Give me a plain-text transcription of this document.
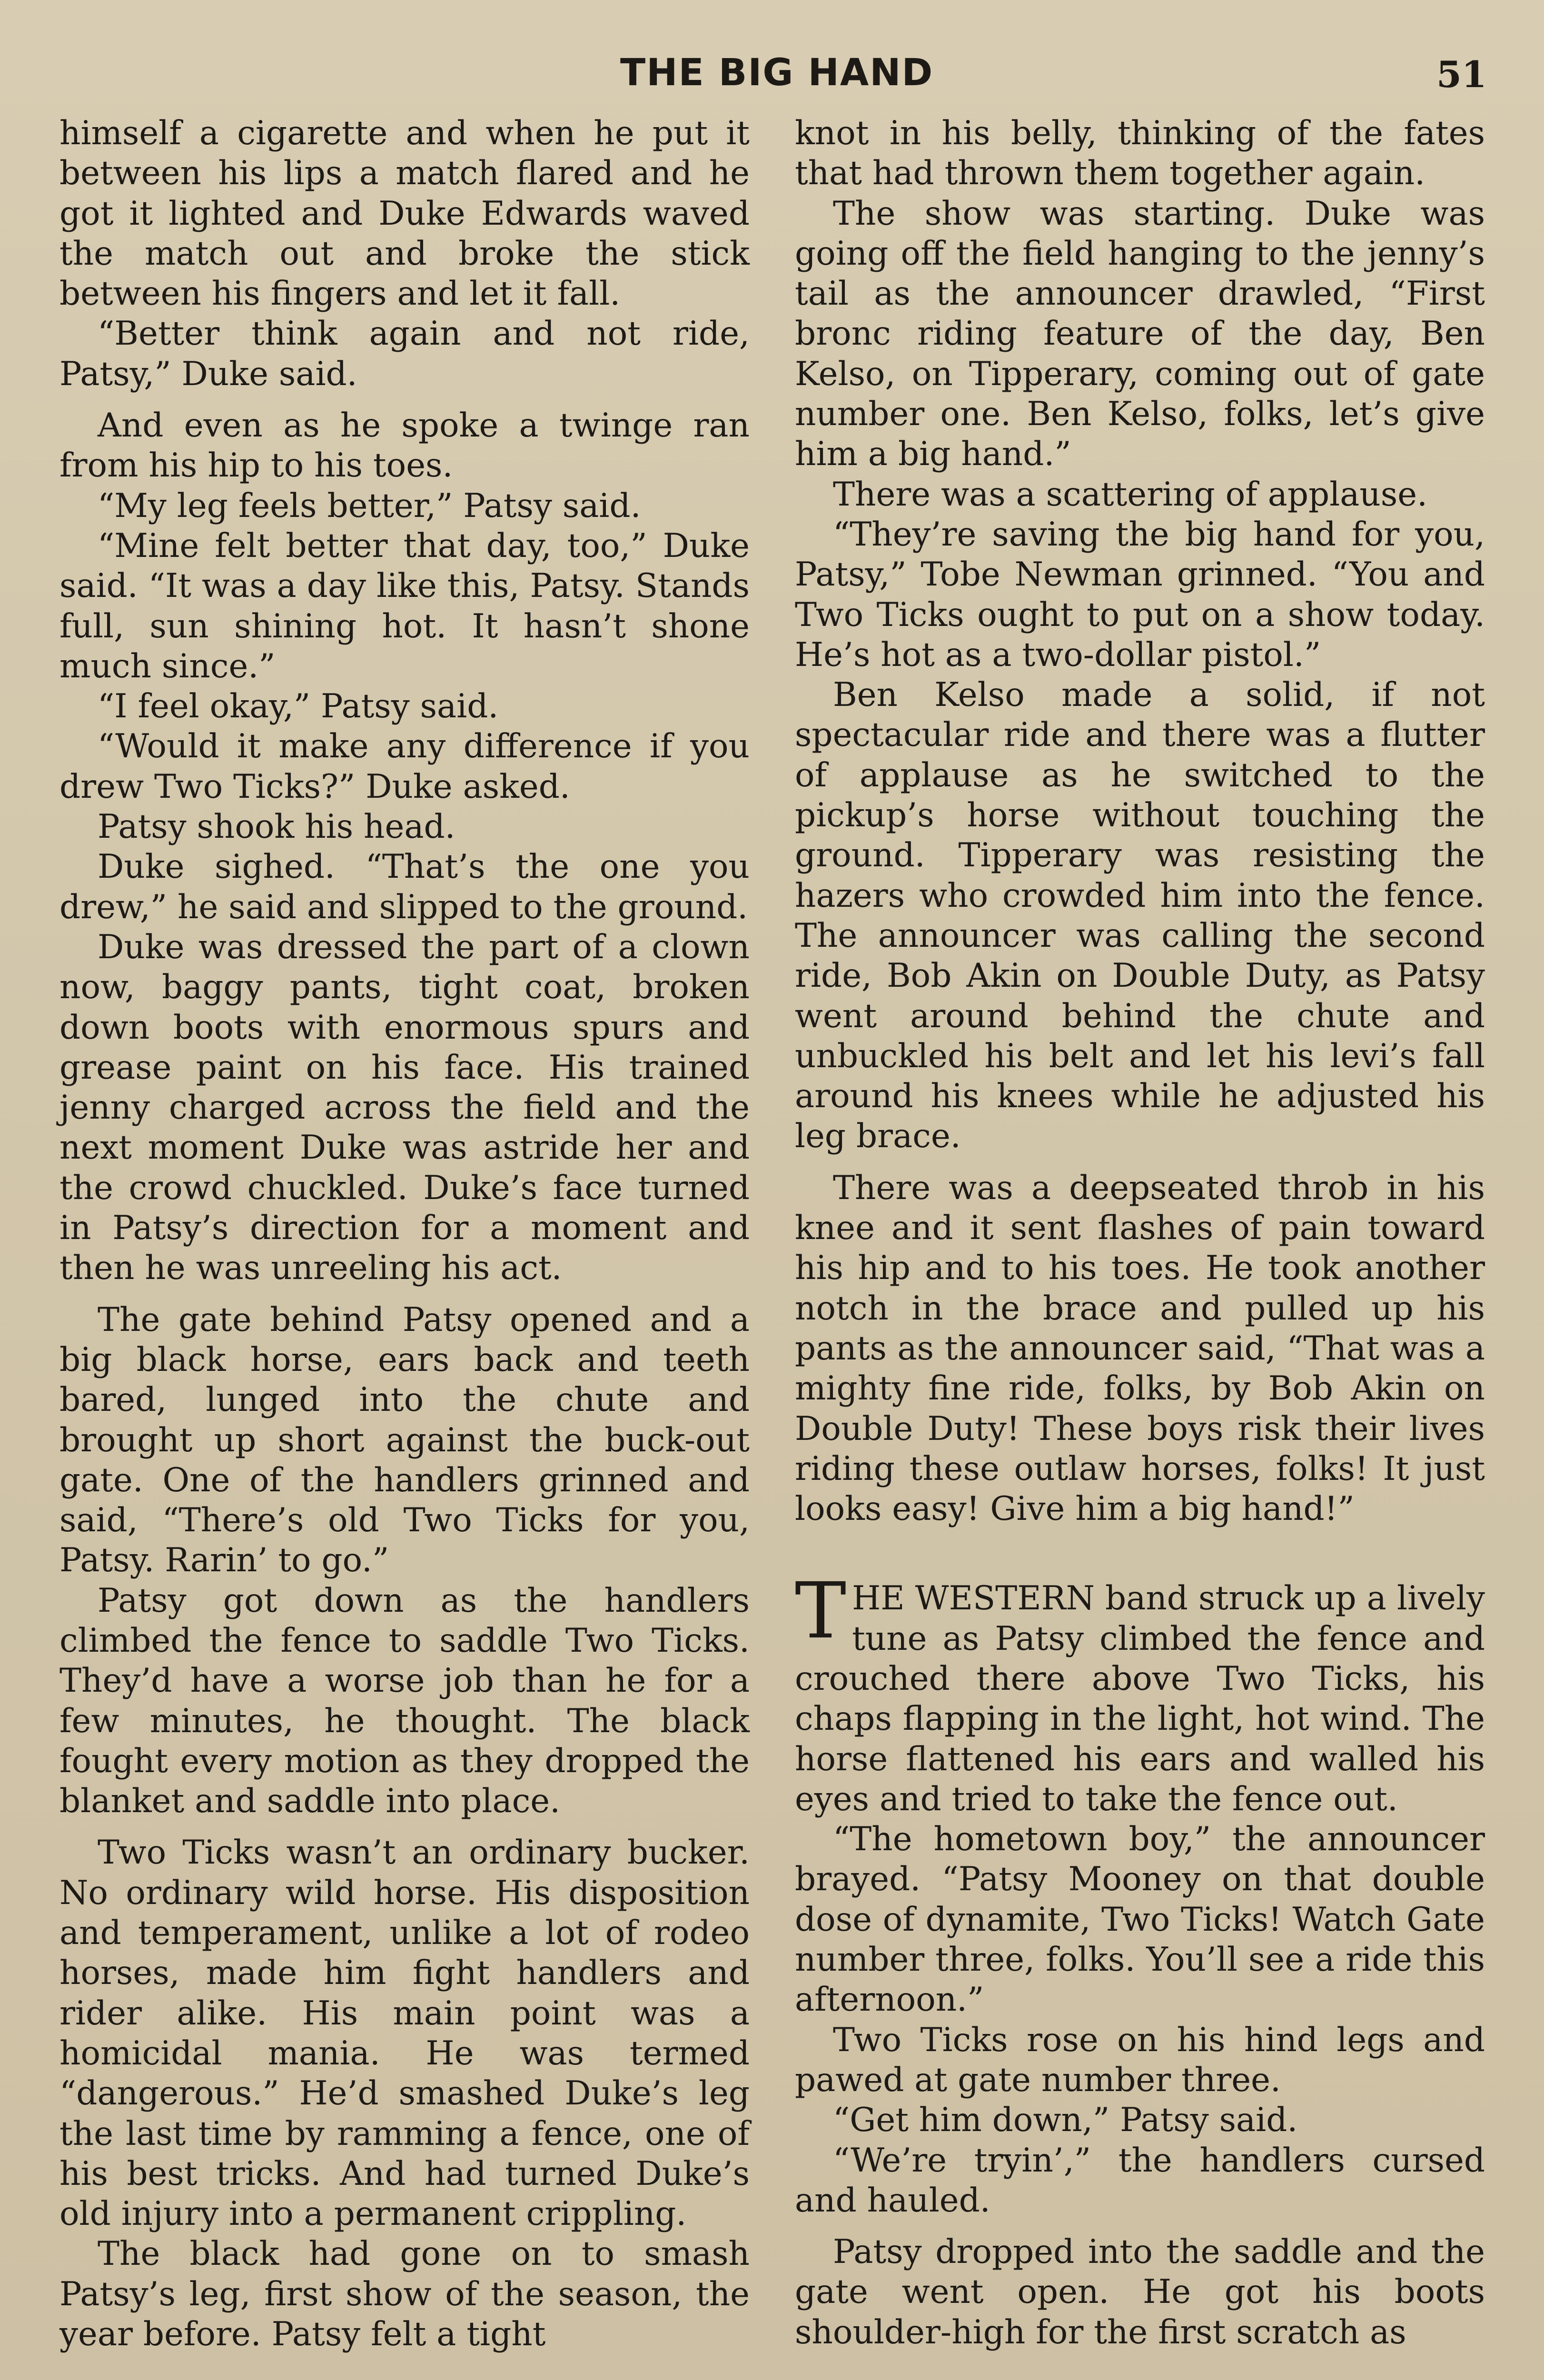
THE BIG HAND	51

himself a cigarette and when he put it between his lips a match flared and he got it lighted and Duke Edwards waved the match out and broke the stick between his fingers and let it fall.

“Better think again and not ride, Patsy,” Duke said.

And even as he spoke a twinge ran from his hip to his toes.

“My leg feels better,” Patsy said.

“Mine felt better that day, too,” Duke said. “It was a day like this, Patsy. Stands full, sun shining hot. It hasn’t shone much since.”

“I feel okay,” Patsy said.

“Would it make any difference if you drew Two Ticks?” Duke asked.

Patsy shook his head.

Duke sighed. “That’s the one you drew,” he said and slipped to the ground.

Duke was dressed the part of a clown now, baggy pants, tight coat, broken down boots with enormous spurs and grease paint on his face. His trained jenny charged across the field and the next moment Duke was astride her and the crowd chuckled. Duke’s face turned in Patsy’s direction for a moment and then he was unreeling his act.

The gate behind Patsy opened and a big black horse, ears back and teeth bared, lunged into the chute and brought up short against the buck-out gate. One of the handlers grinned and said, “There’s old Two Ticks for you, Patsy. Rarin’ to go.”

Patsy got down as the handlers climbed the fence to saddle Two Ticks. They’d have a worse job than he for a few minutes, he thought. The black fought every motion as they dropped the blanket and saddle into place.

Two Ticks wasn’t an ordinary bucker. No ordinary wild horse. His disposition and temperament, unlike a lot of rodeo horses, made him fight handlers and rider alike. His main point was a homicidal mania. He was termed “dangerous.” He’d smashed Duke’s leg the last time by ramming a fence, one of his best tricks. And had turned Duke’s old injury into a permanent crippling.

The black had gone on to smash Patsy’s leg, first show of the season, the year before. Patsy felt a tight

knot in his belly, thinking of the fates that had thrown them together again.

The show was starting. Duke was going off the field hanging to the jenny’s tail as the announcer drawled, “First bronc riding feature of the day, Ben Kelso, on Tipperary, coming out of gate number one. Ben Kelso, folks, let’s give him a big hand.”

There was a scattering of applause.

“They’re saving the big hand for you, Patsy,” Tobe Newman grinned. “You and Two Ticks ought to put on a show today. He’s hot as a two-dollar pistol.”

Ben Kelso made a solid, if not spectacular ride and there was a flutter of applause as he switched to the pickup’s horse without touching the ground. Tipperary was resisting the hazers who crowded him into the fence. The announcer was calling the second ride, Bob Akin on Double Duty, as Patsy went around behind the chute and unbuckled his belt and let his levi’s fall around his knees while he adjusted his leg brace.

There was a deepseated throb in his knee and it sent flashes of pain toward his hip and to his toes. He took another notch in the brace and pulled up his pants as the announcer said, “That was a mighty fine ride, folks, by Bob Akin on Double Duty! These boys risk their lives riding these outlaw horses, folks! It just looks easy! Give him a big hand!”

THE WESTERN band struck up a lively tune as Patsy climbed the fence and crouched there above Two Ticks, his chaps flapping in the light, hot wind. The horse flattened his ears and walled his eyes and tried to take the fence out.

“The hometown boy,” the announcer brayed. “Patsy Mooney on that double dose of dynamite, Two Ticks! Watch Gate number three, folks. You’ll see a ride this afternoon.”

Two Ticks rose on his hind legs and pawed at gate number three.

“Get him down,” Patsy said.

“We’re tryin’,” the handlers cursed and hauled.

Patsy dropped into the saddle and the gate went open. He got his boots shoulder-high for the first scratch as
